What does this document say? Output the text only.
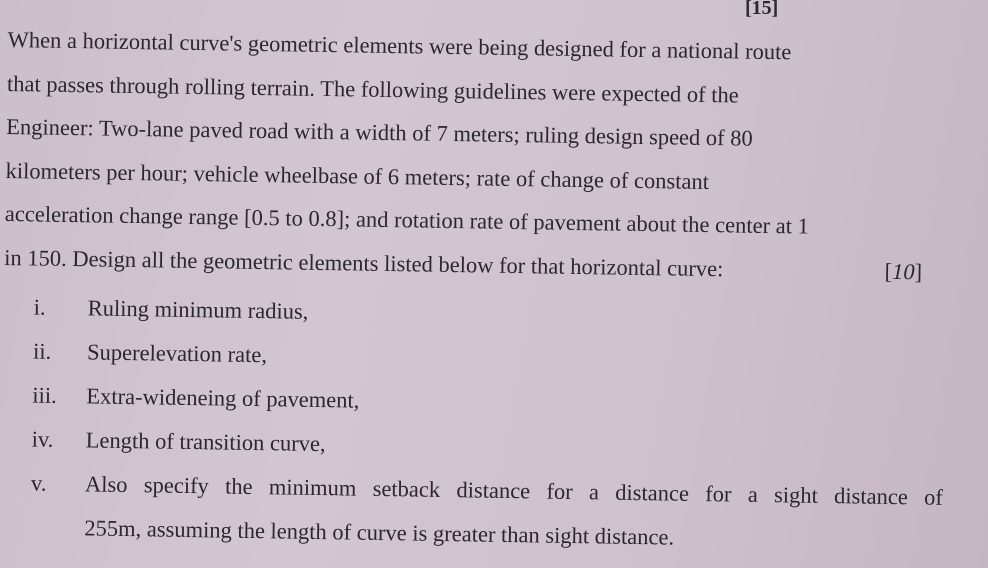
[15]
When a horizontal curve's geometric elements were being designed for a national route
that passes through rolling terrain. The following guidelines were expected of the
Engineer: Two-lane paved road with a width of 7 meters; ruling design speed of 80
kilometers per hour; vehicle wheelbase of 6 meters; rate of change of constant
acceleration change range [0.5 to 0.8]; and rotation rate of pavement about the center at 1
in 150. Design all the geometric elements listed below for that horizontal curve:	[10]
i. Ruling minimum radius,
ii. Superelevation rate,
iii. Extra-wideneing of pavement,
iv. Length of transition curve,
v. Also specify the minimum setback distance for a distance for a sight distance of
255m, assuming the length of curve is greater than sight distance.
